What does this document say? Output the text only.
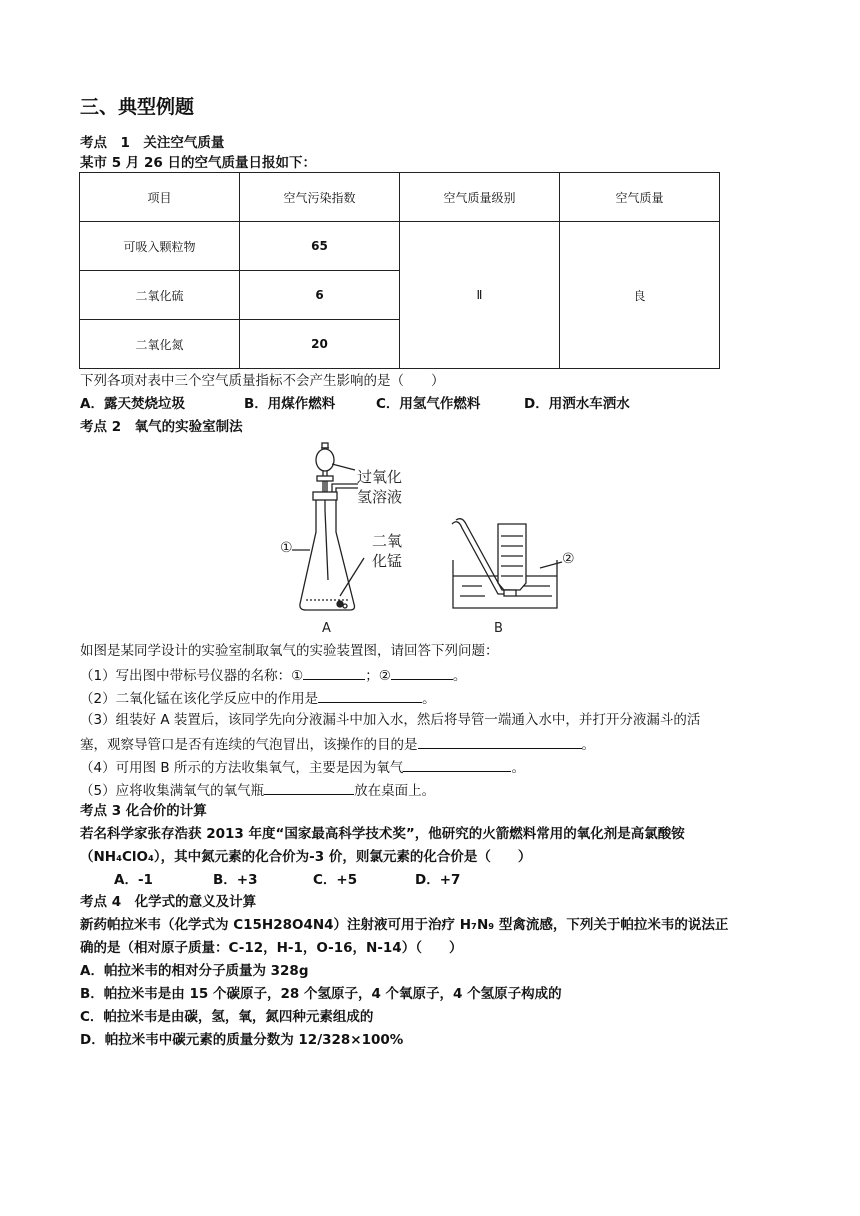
三、典型例题
考点　1　关注空气质量
某市 5 月 26 日的空气质量日报如下：
项目	空气污染指数	空气质量级别	空气质量
可吸入颗粒物	65	Ⅱ	良
二氧化硫	6		
二氧化氮	20		
下列各项对表中三个空气质量指标不会产生影响的是（　　）
A．露天焚烧垃圾	B．用煤作燃料	C．用氢气作燃料	D．用洒水车洒水
考点 2　氧气的实验室制法
过氧化
氢溶液
二氧
化锰
①
A
②
B
如图是某同学设计的实验室制取氧气的实验装置图，请回答下列问题：
（1）写出图中带标号仪器的名称：①	；②	。
（2）二氧化锰在该化学反应中的作用是	。
（3）组装好 A 装置后，该同学先向分液漏斗中加入水，然后将导管一端通入水中，并打开分液漏斗的活
塞，观察导管口是否有连续的气泡冒出，该操作的目的是	。
（4）可用图 B 所示的方法收集氧气，主要是因为氧气	。
（5）应将收集满氧气的氧气瓶	放在桌面上。
考点 3 化合价的计算
若名科学家张存浩获 2013 年度“国家最高科学技术奖”，他研究的火箭燃料常用的氧化剂是高氯酸铵
（NH₄ClO₄），其中氮元素的化合价为-3 价，则氯元素的化合价是（　　）
A．-1	B．+3	C．+5	D．+7
考点 4　化学式的意义及计算
新药帕拉米韦（化学式为 C15H28O4N4）注射液可用于治疗 H₇N₉ 型禽流感，下列关于帕拉米韦的说法正
确的是（相对原子质量：C-12，H-1，O-16，N-14）（　　）
A．帕拉米韦的相对分子质量为 328g
B．帕拉米韦是由 15 个碳原子，28 个氢原子，4 个氧原子，4 个氢原子构成的
C．帕拉米韦是由碳，氢，氧，氮四种元素组成的
D．帕拉米韦中碳元素的质量分数为 12/328×100%
